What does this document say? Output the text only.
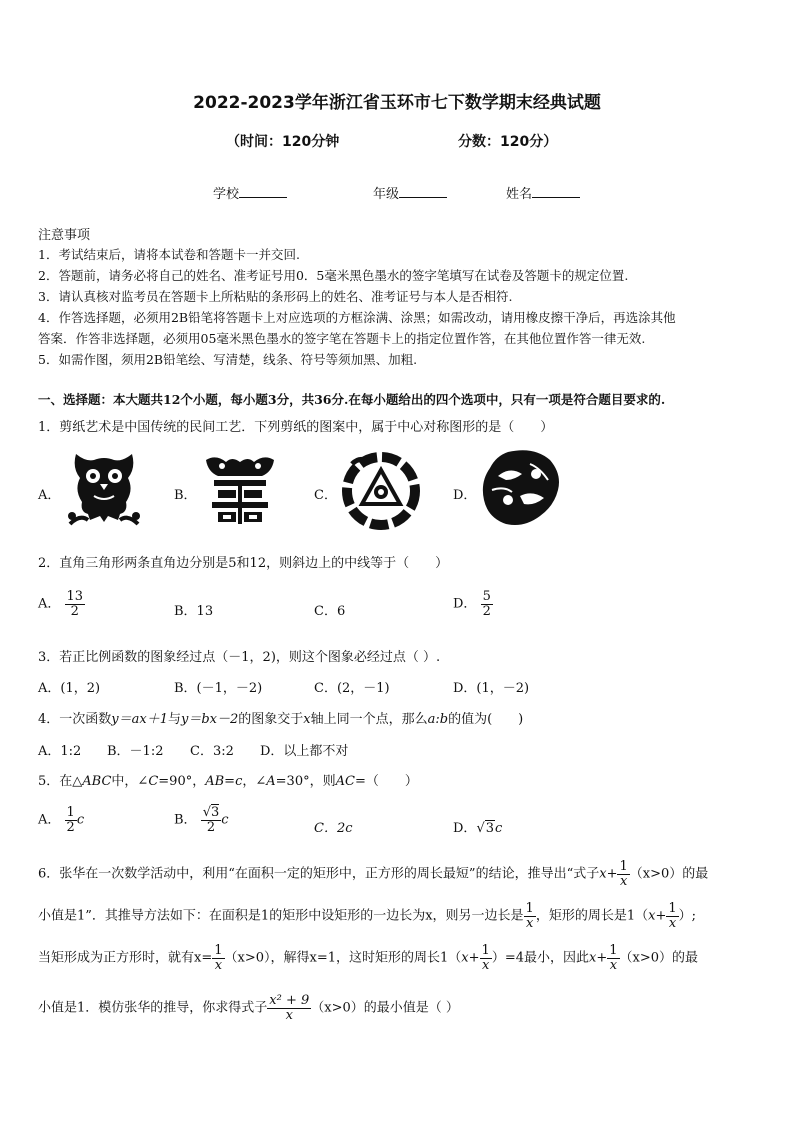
2022-2023学年浙江省玉环市七下数学期末经典试题
（时间：120分钟	分数：120分）
学校	年级	姓名
注意事项
1．考试结束后，请将本试卷和答题卡一并交回.
2．答题前，请务必将自己的姓名、准考证号用0．5毫米黑色墨水的签字笔填写在试卷及答题卡的规定位置.
3．请认真核对监考员在答题卡上所粘贴的条形码上的姓名、准考证号与本人是否相符.
4．作答选择题，必须用2B铅笔将答题卡上对应选项的方框涂满、涂黑；如需改动，请用橡皮擦干净后，再选涂其他
答案．作答非选择题，必须用05毫米黑色墨水的签字笔在答题卡上的指定位置作答，在其他位置作答一律无效.
5．如需作图，须用2B铅笔绘、写清楚，线条、符号等须加黑、加粗.
一、选择题：本大题共12个小题，每小题3分，共36分.在每小题给出的四个选项中，只有一项是符合题目要求的.
1．剪纸艺术是中国传统的民间工艺．下列剪纸的图案中，属于中心对称图形的是（　　）
A．	B．	C．	D．
2．直角三角形两条直角边分别是5和12，则斜边上的中线等于（　　）
A． $\frac{13}{2}$	B．13	C．6	D． $\frac{5}{2}$
3．若正比例函数的图象经过点（－1，2)，则这个图象必经过点（ ）.
A．(1，2)	B．(－1，－2)	C．(2，－1)	D．(1，－2)
4．一次函数y＝ax＋1与y＝bx－2的图象交于x轴上同一个点，那么a:b的值为(　　)
A．1:2 B．－1:2 C．3:2 D．以上都不对
5．在△ABC中，∠C=90°，AB=c，∠A=30°，则AC=（　　）
A． $\frac{1}{2}$ c	B． $\frac{√3}{2}$ c
C．2c	D．√3c
6．张华在一次数学活动中，利用“在面积一定的矩形中，正方形的周长最短”的结论，推导出“式子$x+ \frac{1}{x} (x>0)$的最
小值是1”．其推导方法如下：在面积是1的矩形中设矩形的一边长为x，则另一边长是 $\frac{1}{x}$ ，矩形的周长是$1(x+ \frac{1}{x}$ ）;
当矩形成为正方形时，就有$x= \frac{1}{x} (x>0)$，解得x=1，这时矩形的周长$1(x+ \frac{1}{x} )=4$最小，因此$x+ \frac{1}{x} (x>0)$的最
小值是1．模仿张华的推导，你求得式子 $\frac{\text{x² + 9}}{x} (x>0)$的最小值是（ ）
